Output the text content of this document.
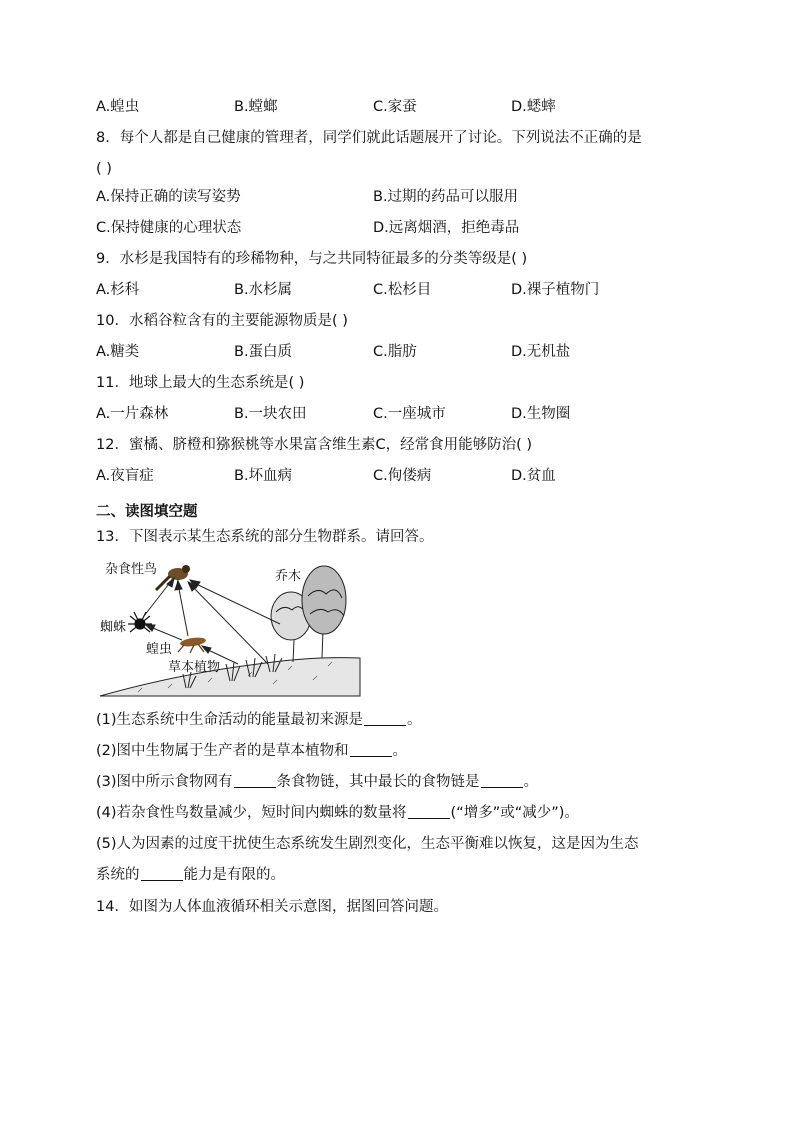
A.蝗虫	B.螳螂	C.家蚕	D.蟋蟀
8．每个人都是自己健康的管理者，同学们就此话题展开了讨论。下列说法不正确的是
( )
A.保持正确的读写姿势	B.过期的药品可以服用
C.保持健康的心理状态	D.远离烟酒，拒绝毒品
9．水杉是我国特有的珍稀物种，与之共同特征最多的分类等级是( )
A.杉科	B.水杉属	C.松杉目	D.裸子植物门
10．水稻谷粒含有的主要能源物质是( )
A.糖类	B.蛋白质	C.脂肪	D.无机盐
11．地球上最大的生态系统是( )
A.一片森林	B.一块农田	C.一座城市	D.生物圈
12．蜜橘、脐橙和猕猴桃等水果富含维生素C，经常食用能够防治( )
A.夜盲症	B.坏血病	C.佝偻病	D.贫血
二、读图填空题
13．下图表示某生态系统的部分生物群系。请回答。
杂食性鸟	乔木
蜘蛛
蝗虫
草本植物
(1)生态系统中生命活动的能量最初来源是	。
(2)图中生物属于生产者的是草本植物和	。
(3)图中所示食物网有	条食物链，其中最长的食物链是	。
(4)若杂食性鸟数量减少，短时间内蜘蛛的数量将	(“增多”或“减少”)。
(5)人为因素的过度干扰使生态系统发生剧烈变化，生态平衡难以恢复，这是因为生态
系统的	能力是有限的。
14．如图为人体血液循环相关示意图，据图回答问题。
